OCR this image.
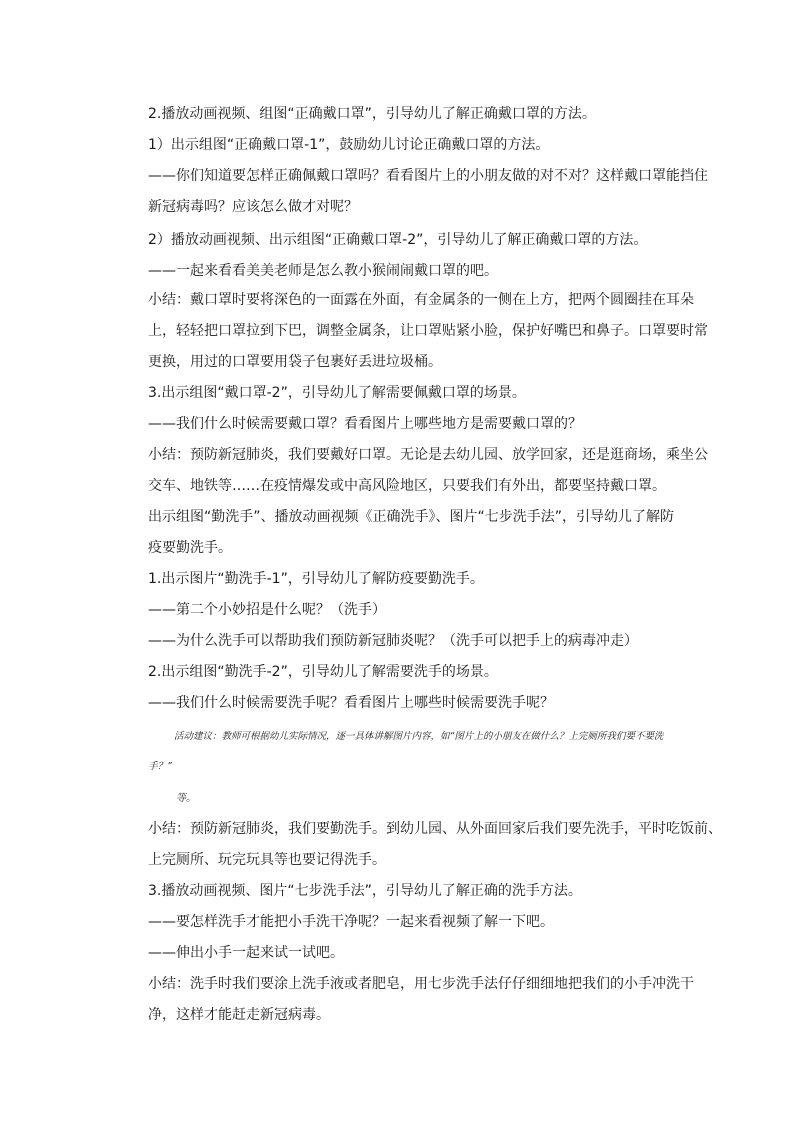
2.播放动画视频、组图“正确戴口罩”，引导幼儿了解正确戴口罩的方法。
1）出示组图“正确戴口罩-1”，鼓励幼儿讨论正确戴口罩的方法。
——你们知道要怎样正确佩戴口罩吗？看看图片上的小朋友做的对不对？这样戴口罩能挡住
新冠病毒吗？应该怎么做才对呢？
2）播放动画视频、出示组图“正确戴口罩-2”，引导幼儿了解正确戴口罩的方法。
——一起来看看美美老师是怎么教小猴闹闹戴口罩的吧。
小结：戴口罩时要将深色的一面露在外面，有金属条的一侧在上方，把两个圆圈挂在耳朵
上，轻轻把口罩拉到下巴，调整金属条，让口罩贴紧小脸，保护好嘴巴和鼻子。口罩要时常
更换，用过的口罩要用袋子包裹好丢进垃圾桶。
3.出示组图“戴口罩-2”，引导幼儿了解需要佩戴口罩的场景。
——我们什么时候需要戴口罩？看看图片上哪些地方是需要戴口罩的？
小结：预防新冠肺炎，我们要戴好口罩。无论是去幼儿园、放学回家，还是逛商场，乘坐公
交车、地铁等……在疫情爆发或中高风险地区，只要我们有外出，都要坚持戴口罩。
出示组图“勤洗手”、播放动画视频《正确洗手》、图片“七步洗手法”，引导幼儿了解防
疫要勤洗手。
1.出示图片“勤洗手-1”，引导幼儿了解防疫要勤洗手。
——第二个小妙招是什么呢？（洗手）
——为什么洗手可以帮助我们预防新冠肺炎呢？（洗手可以把手上的病毒冲走）
2.出示组图“勤洗手-2”，引导幼儿了解需要洗手的场景。
——我们什么时候需要洗手呢？看看图片上哪些时候需要洗手呢？
活动建议：教师可根据幼儿实际情况，逐一具体讲解图片内容，如“图片上的小朋友在做什么？上完厕所我们要不要洗
手？”
等。
小结：预防新冠肺炎，我们要勤洗手。到幼儿园、从外面回家后我们要先洗手，平时吃饭前、
上完厕所、玩完玩具等也要记得洗手。
3.播放动画视频、图片“七步洗手法”，引导幼儿了解正确的洗手方法。
——要怎样洗手才能把小手洗干净呢？一起来看视频了解一下吧。
——伸出小手一起来试一试吧。
小结：洗手时我们要涂上洗手液或者肥皂，用七步洗手法仔仔细细地把我们的小手冲洗干
净，这样才能赶走新冠病毒。
